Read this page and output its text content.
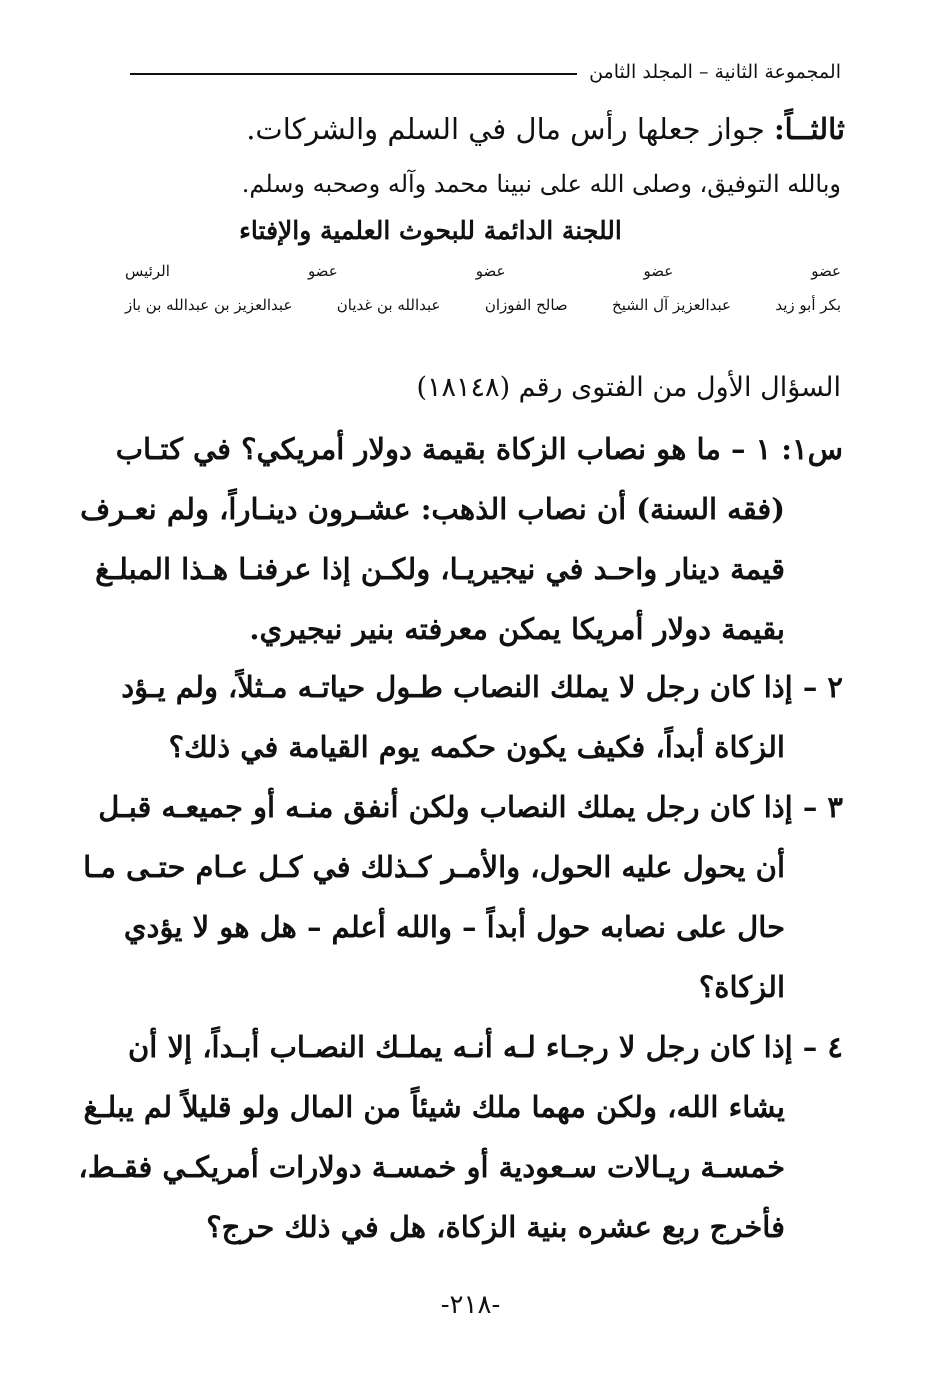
المجموعة الثانية – المجلد الثامن
ثالثــاً: جواز جعلها رأس مال في السلم والشركات.
وبالله التوفيق، وصلى الله على نبينا محمد وآله وصحبه وسلم.
اللجنة الدائمة للبحوث العلمية والإفتاء
عضو
عضو
عضو
عضو
الرئيس
بكر أبو زيد
عبدالعزيز آل الشيخ
صالح الفوزان
عبدالله بن غديان
عبدالعزيز بن عبدالله بن باز
السؤال الأول من الفتوى رقم (١٨١٤٨)
س١: ١ – ما هو نصاب الزكاة بقيمة دولار أمريكي؟ في كتـاب
(فقه السنة) أن نصاب الذهب: عشـرون دينـاراً، ولم نعـرف
قيمة دينار واحـد في نيجيريـا، ولكـن إذا عرفنـا هـذا المبلـغ
بقيمة دولار أمريكا يمكن معرفته بنير نيجيري.
٢ – إذا كان رجل لا يملك النصاب طـول حياتـه مـثلاً، ولم يـؤد
الزكاة أبداً، فكيف يكون حكمه يوم القيامة في ذلك؟
٣ – إذا كان رجل يملك النصاب ولكن أنفق منـه أو جميعـه قبـل
أن يحول عليه الحول، والأمـر كـذلك في كـل عـام حتـى مـا
حال على نصابه حول أبداً – والله أعلم – هل هو لا يؤدي
الزكاة؟
٤ – إذا كان رجل لا رجـاء لـه أنـه يملـك النصـاب أبـداً، إلا أن
يشاء الله، ولكن مهما ملك شيئاً من المال ولو قليلاً لم يبلـغ
خمسـة ريـالات سـعودية أو خمسـة دولارات أمريكـي فقـط،
فأخرج ربع عشره بنية الزكاة، هل في ذلك حرج؟
-٢١٨-
